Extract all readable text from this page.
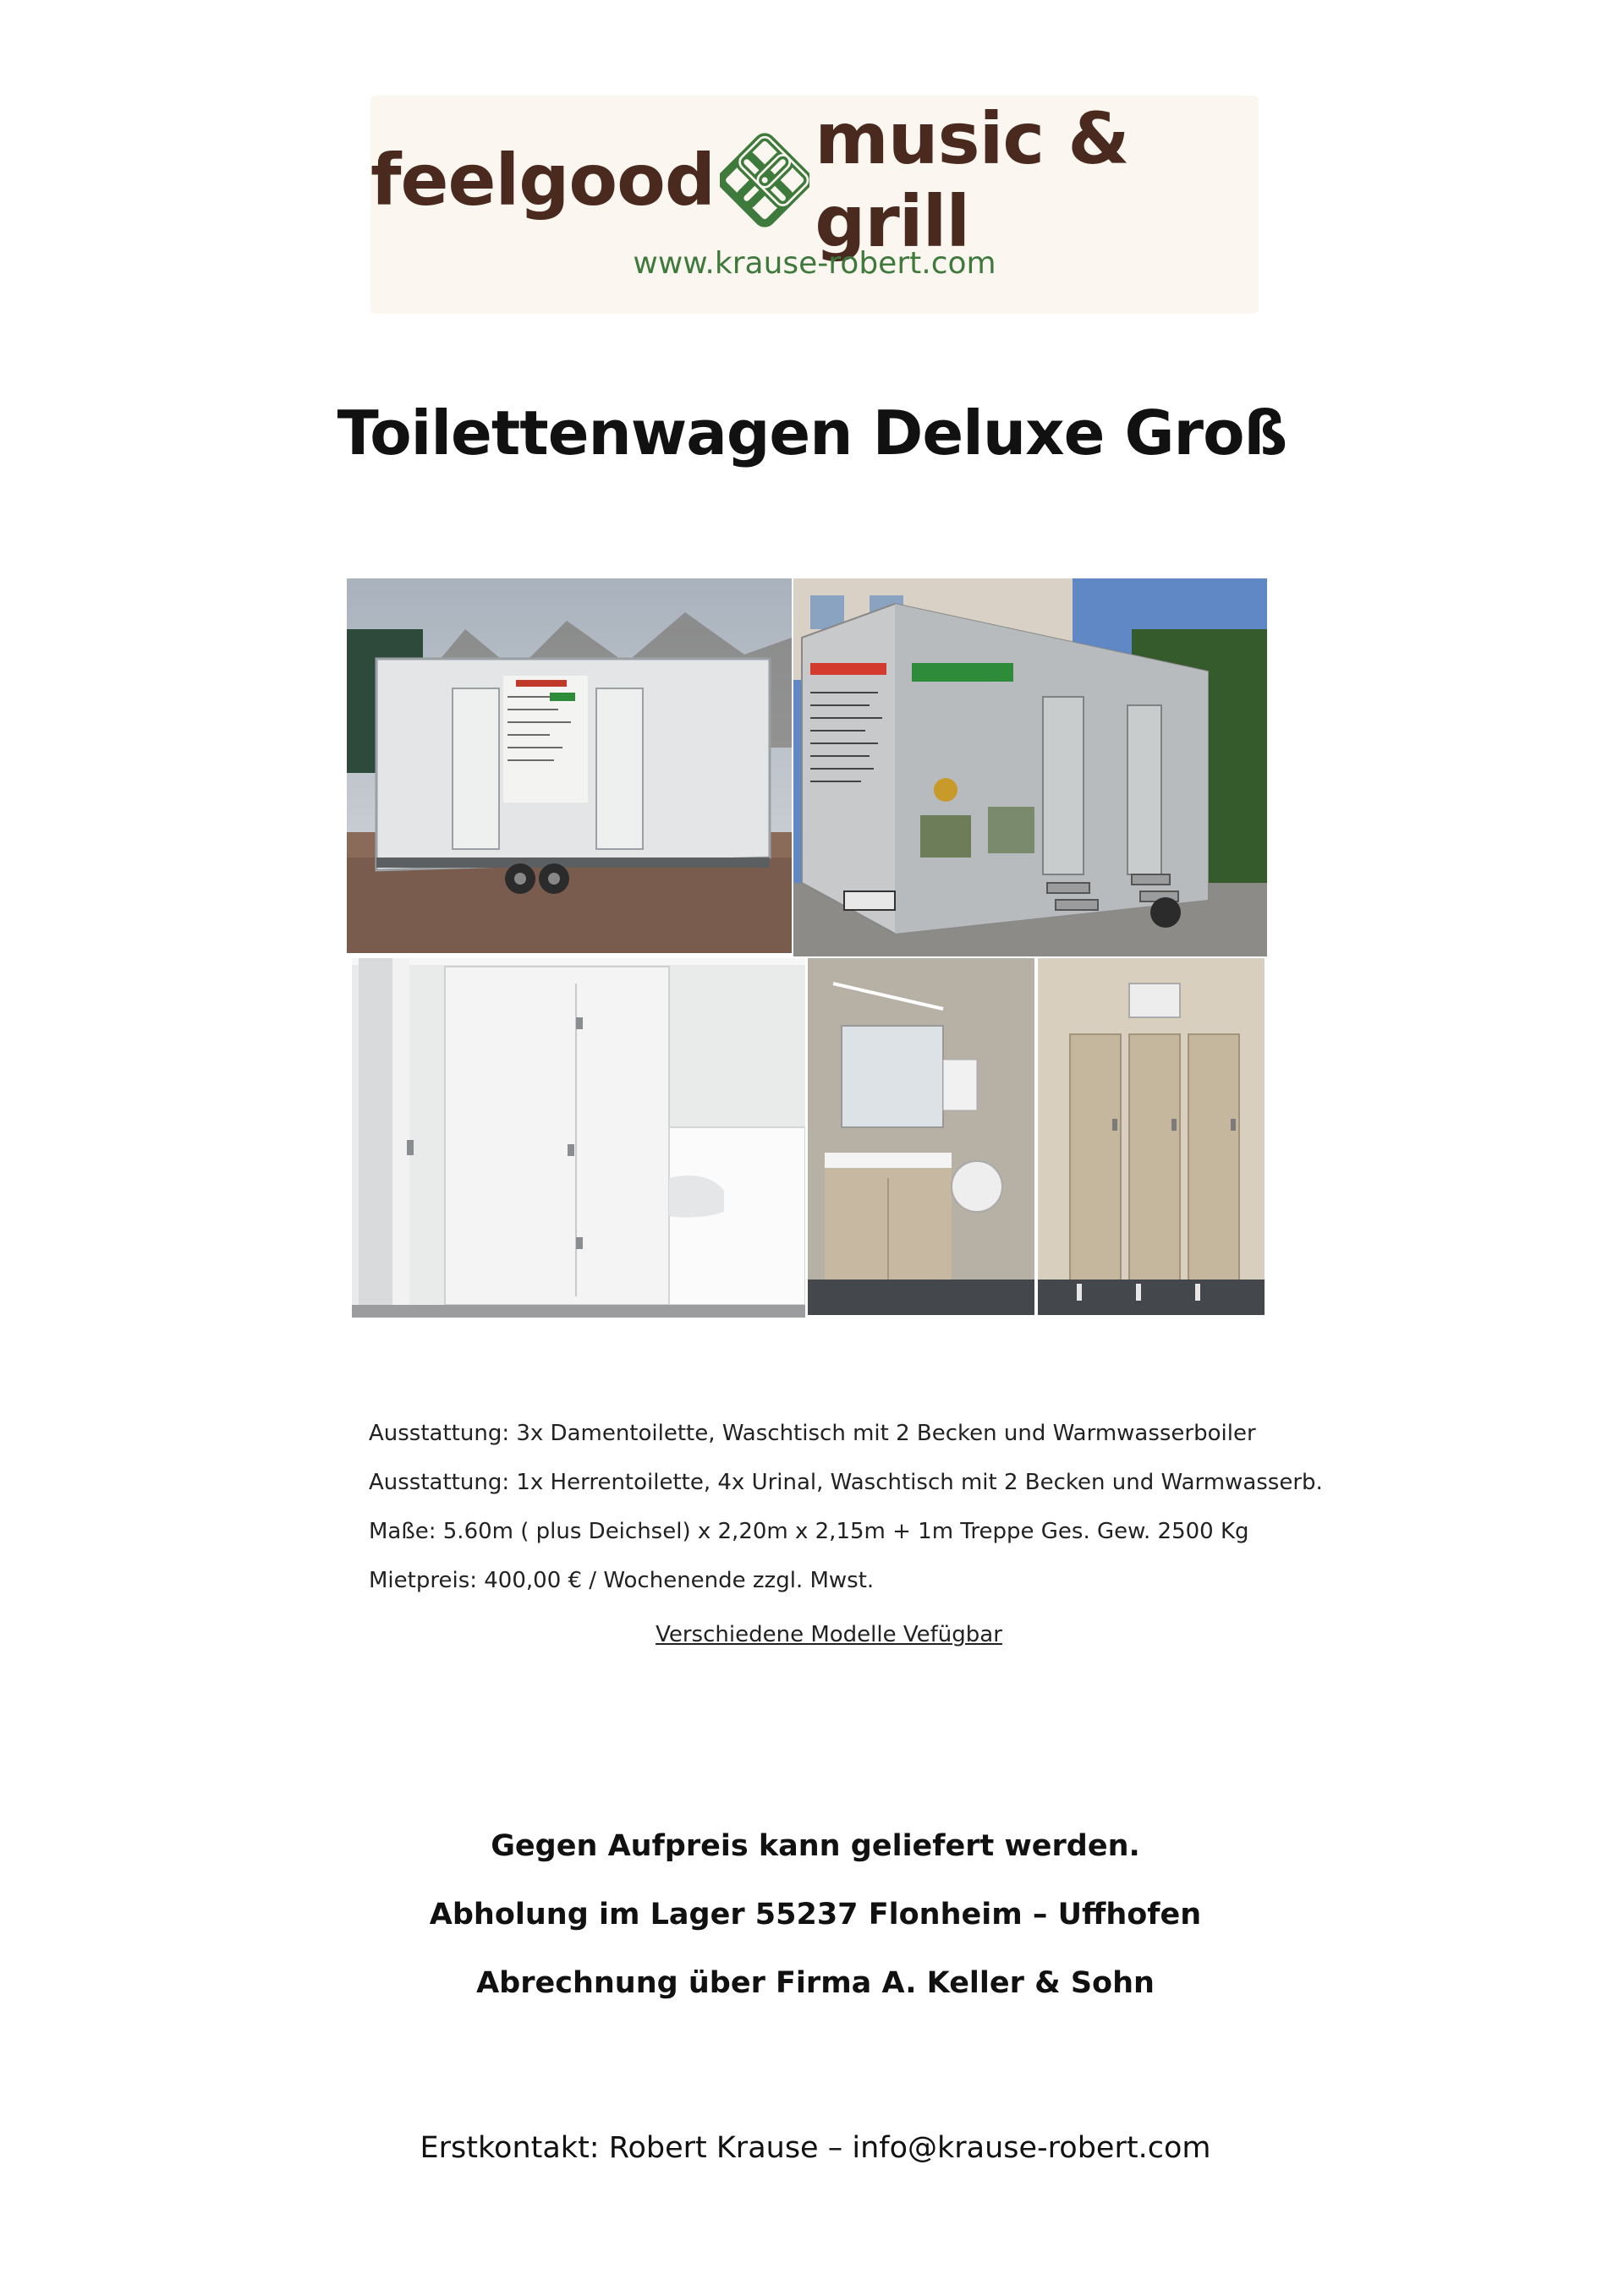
feelgood music & grill
www.krause-robert.com
Toilettenwagen Deluxe Groß
Ausstattung: 3x Damentoilette, Waschtisch mit 2 Becken und Warmwasserboiler
Ausstattung: 1x Herrentoilette, 4x Urinal, Waschtisch mit 2 Becken und Warmwasserb.
Maße: 5.60m ( plus Deichsel) x 2,20m x 2,15m + 1m Treppe Ges. Gew. 2500 Kg
Mietpreis: 400,00 € / Wochenende zzgl. Mwst.
Verschiedene Modelle Vefügbar
Gegen Aufpreis kann geliefert werden.
Abholung im Lager 55237 Flonheim – Uffhofen
Abrechnung über Firma A. Keller & Sohn
Erstkontakt: Robert Krause – info@krause-robert.com
